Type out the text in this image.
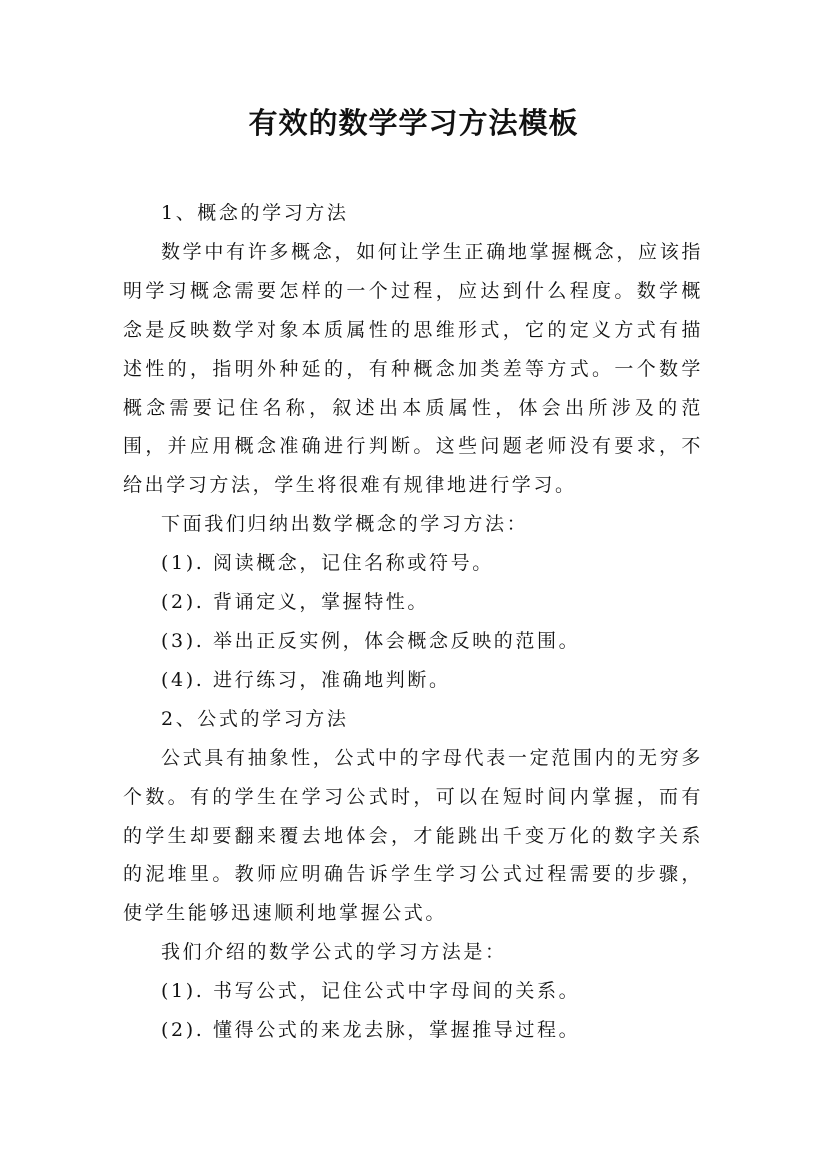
有效的数学学习方法模板

1、概念的学习方法

数学中有许多概念，如何让学生正确地掌握概念，应该指明学习概念需要怎样的一个过程，应达到什么程度。数学概念是反映数学对象本质属性的思维形式，它的定义方式有描述性的，指明外种延的，有种概念加类差等方式。一个数学概念需要记住名称，叙述出本质属性，体会出所涉及的范围，并应用概念准确进行判断。这些问题老师没有要求，不给出学习方法，学生将很难有规律地进行学习。

下面我们归纳出数学概念的学习方法：

(1). 阅读概念，记住名称或符号。

(2). 背诵定义，掌握特性。

(3). 举出正反实例，体会概念反映的范围。

(4). 进行练习，准确地判断。

2、公式的学习方法

公式具有抽象性，公式中的字母代表一定范围内的无穷多个数。有的学生在学习公式时，可以在短时间内掌握，而有的学生却要翻来覆去地体会，才能跳出千变万化的数字关系的泥堆里。教师应明确告诉学生学习公式过程需要的步骤，使学生能够迅速顺利地掌握公式。

我们介绍的数学公式的学习方法是：

(1). 书写公式，记住公式中字母间的关系。

(2). 懂得公式的来龙去脉，掌握推导过程。
